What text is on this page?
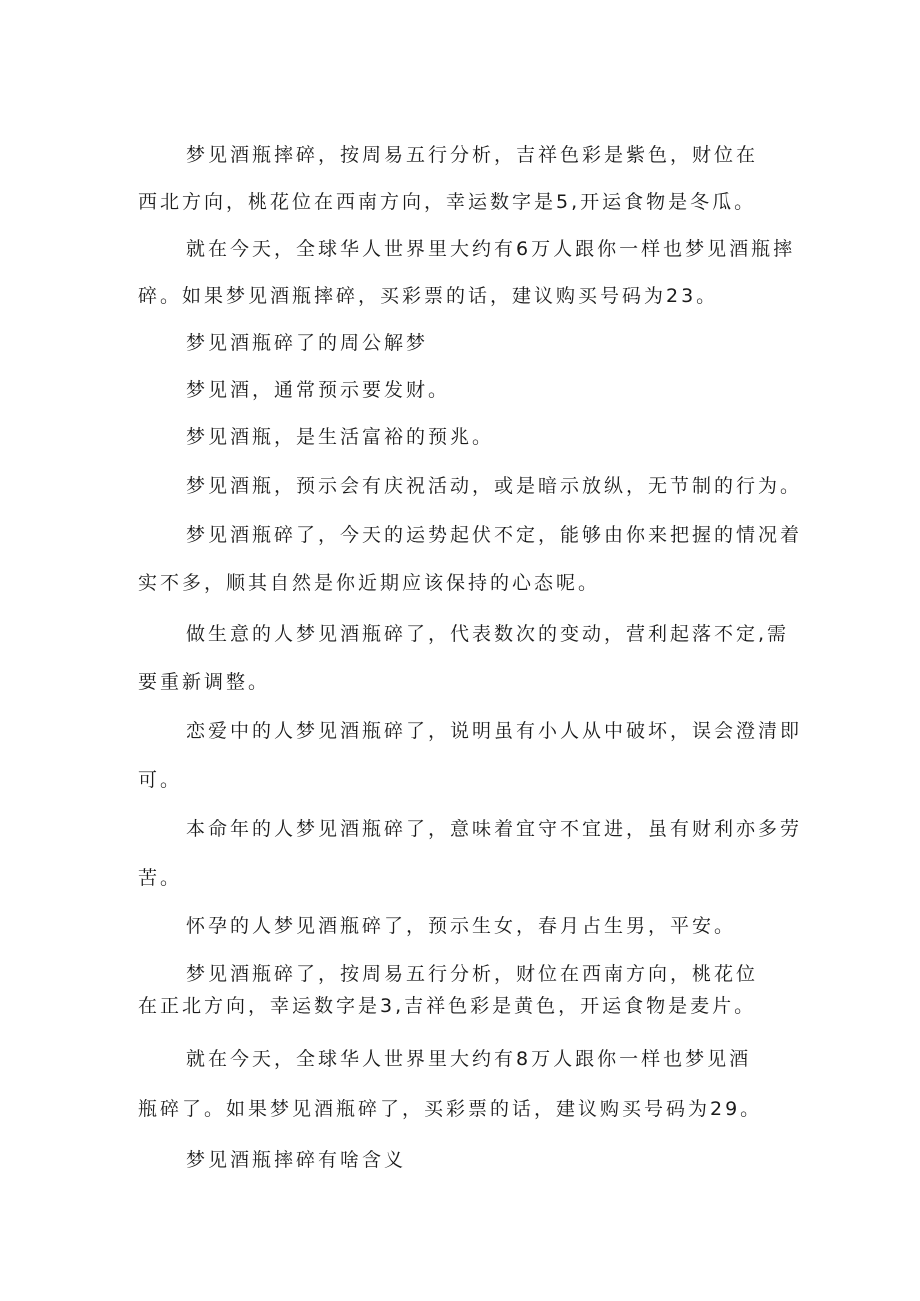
梦见酒瓶摔碎，按周易五行分析，吉祥色彩是紫色，财位在
西北方向，桃花位在西南方向，幸运数字是5,开运食物是冬瓜。
就在今天，全球华人世界里大约有6万人跟你一样也梦见酒瓶摔
碎。如果梦见酒瓶摔碎，买彩票的话，建议购买号码为23。
梦见酒瓶碎了的周公解梦
梦见酒，通常预示要发财。
梦见酒瓶，是生活富裕的预兆。
梦见酒瓶，预示会有庆祝活动，或是暗示放纵，无节制的行为。
梦见酒瓶碎了，今天的运势起伏不定，能够由你来把握的情况着
实不多，顺其自然是你近期应该保持的心态呢。
做生意的人梦见酒瓶碎了，代表数次的变动，营利起落不定,需
要重新调整。
恋爱中的人梦见酒瓶碎了，说明虽有小人从中破坏，误会澄清即
可。
本命年的人梦见酒瓶碎了，意味着宜守不宜进，虽有财利亦多劳
苦。
怀孕的人梦见酒瓶碎了，预示生女，春月占生男，平安。
梦见酒瓶碎了，按周易五行分析，财位在西南方向，桃花位
在正北方向，幸运数字是3,吉祥色彩是黄色，开运食物是麦片。
就在今天，全球华人世界里大约有8万人跟你一样也梦见酒
瓶碎了。如果梦见酒瓶碎了，买彩票的话，建议购买号码为29。
梦见酒瓶摔碎有啥含义
